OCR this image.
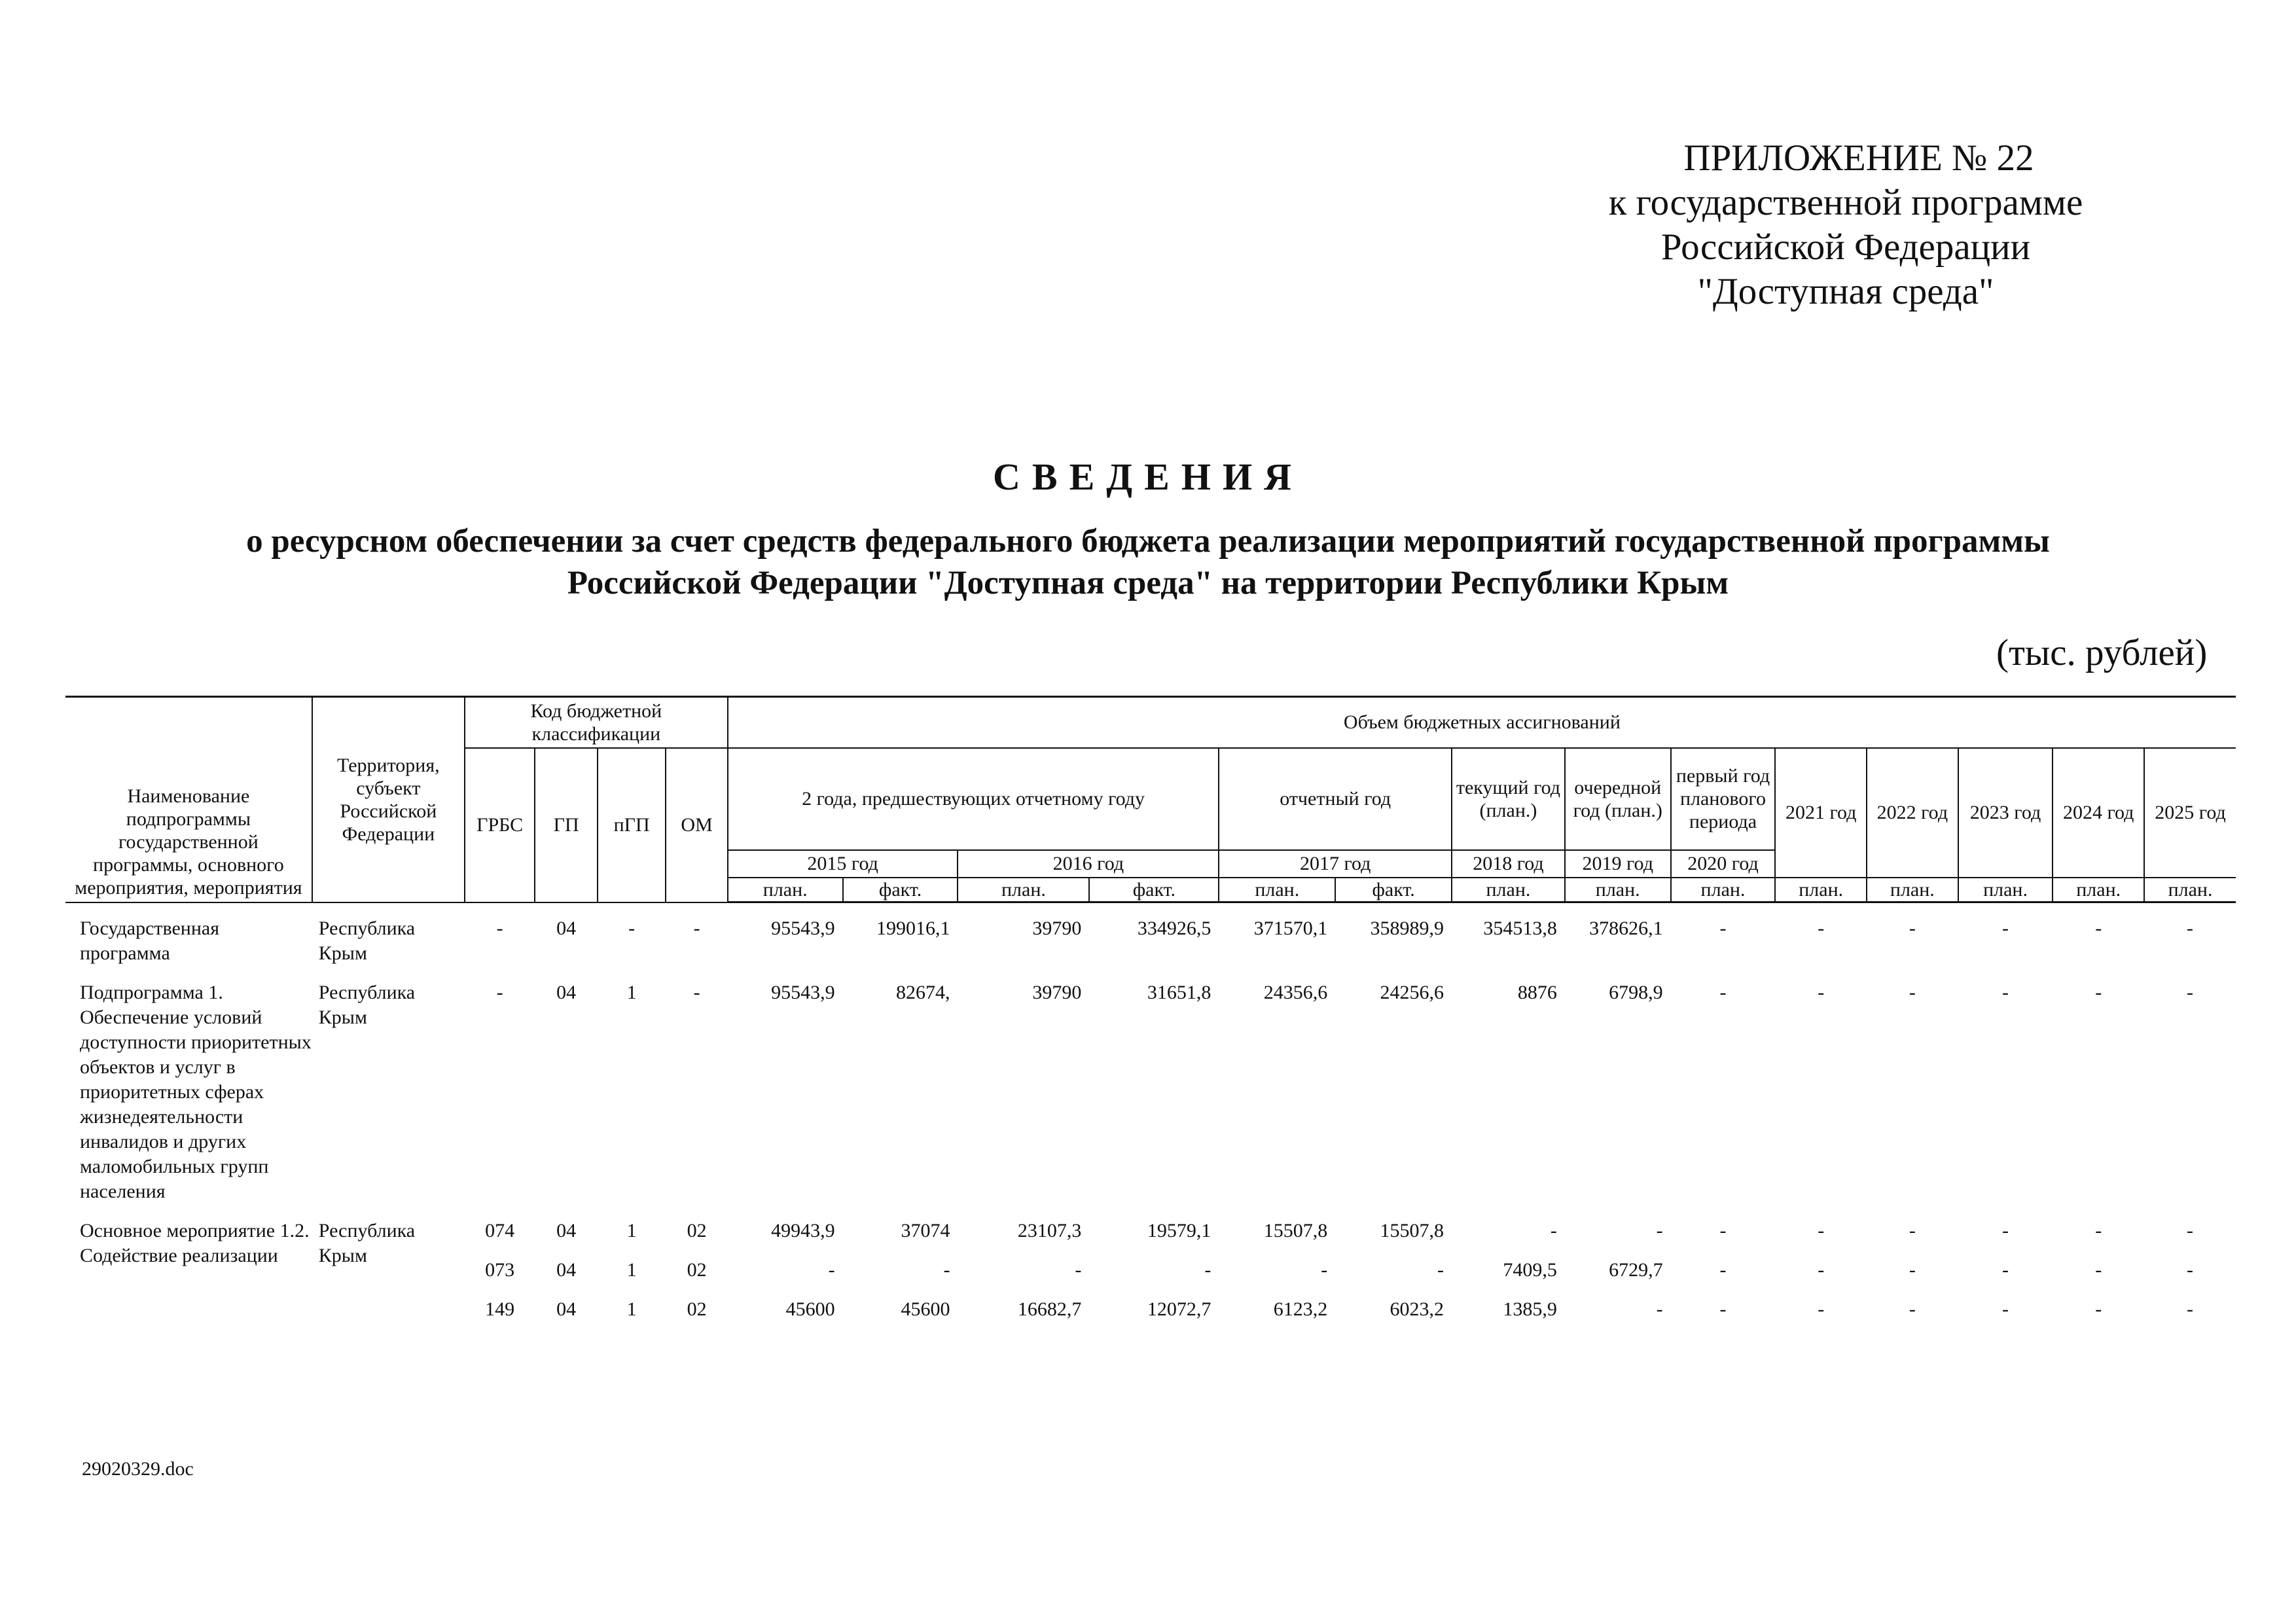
ПРИЛОЖЕНИЕ № 22
к государственной программе
Российской Федерации
"Доступная среда"
СВЕДЕНИЯ
о ресурсном обеспечении за счет средств федерального бюджета реализации мероприятий государственной программы
Российской Федерации "Доступная среда" на территории Республики Крым
(тыс. рублей)
Наименование подпрограммы государственной программы, основного мероприятия, мероприятия	Территория, субъект Российской Федерации	Код бюджетной классификации				Объем бюджетных ассигнований													
		ГРБС	ГП	пГП	ОМ	2 года, предшествующих отчетному году				отчетный год		текущий год (план.)	очередной год (план.)	первый год планового периода	2021 год	2022 год	2023 год	2024 год	2025 год
						2015 год		2016 год		2017 год		2018 год	2019 год	2020 год					
						план.	факт.	план.	факт.	план.	факт.	план.	план.	план.	план.	план.	план.	план.	план.
Государственная программа	Республика Крым	-	04	-	-	95543,9	199016,1	39790	334926,5	371570,1	358989,9	354513,8	378626,1	-	-	-	-	-	-
Подпрограмма 1. Обеспечение условий доступности приоритетных объектов и услуг в приоритетных сферах жизнедеятельности инвалидов и других маломобильных групп населения	Республика Крым	-	04	1	-	95543,9	82674,	39790	31651,8	24356,6	24256,6	8876	6798,9	-	-	-	-	-	-
Основное мероприятие 1.2. Содействие реализации	Республика Крым	074	04	1	02	49943,9	37074	23107,3	19579,1	15507,8	15507,8	-	-	-	-	-	-	-	-
		073	04	1	02	-	-	-	-	-	-	7409,5	6729,7	-	-	-	-	-	-
		149	04	1	02	45600	45600	16682,7	12072,7	6123,2	6023,2	1385,9	-	-	-	-	-	-	-
29020329.doc
